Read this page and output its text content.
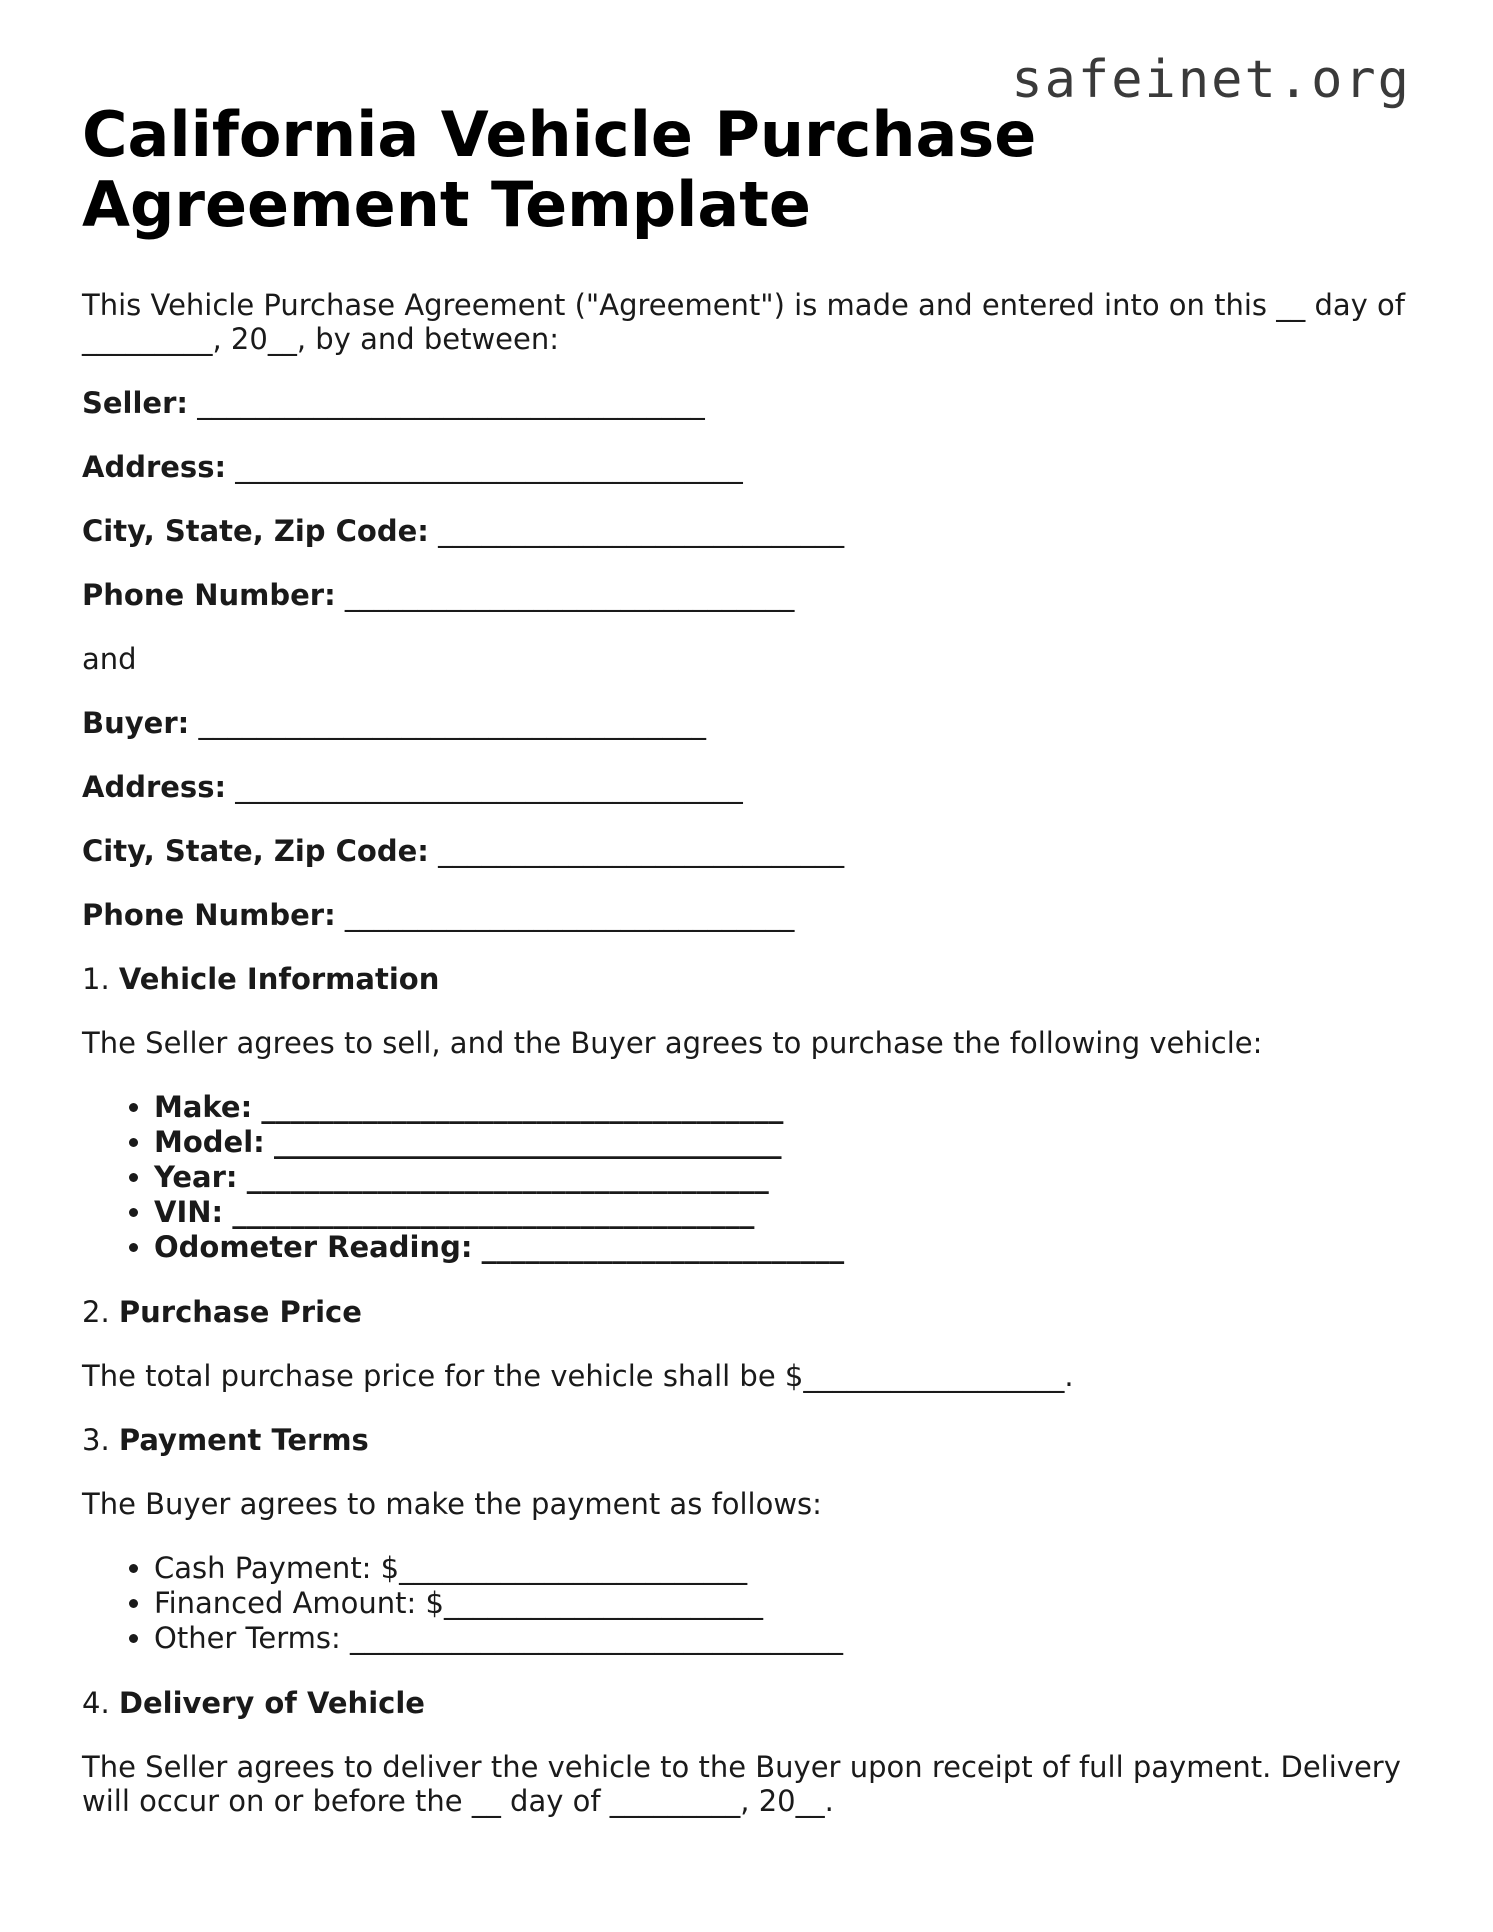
safeinet.org
California Vehicle Purchase Agreement Template

This Vehicle Purchase Agreement ("Agreement") is made and entered into on this __ day of _________, 20__, by and between:

Seller: ___________________________________

Address: ___________________________________

City, State, Zip Code: ____________________________

Phone Number: _______________________________

and

Buyer: ___________________________________

Address: ___________________________________

City, State, Zip Code: ____________________________

Phone Number: _______________________________

1. Vehicle Information

The Seller agrees to sell, and the Buyer agrees to purchase the following vehicle:

• Make: ____________________________________
• Model: ___________________________________
• Year: ____________________________________
• VIN: ____________________________________
• Odometer Reading: _________________________

2. Purchase Price

The total purchase price for the vehicle shall be $__________________.

3. Payment Terms

The Buyer agrees to make the payment as follows:

• Cash Payment: $________________________
• Financed Amount: $______________________
• Other Terms: __________________________________

4. Delivery of Vehicle

The Seller agrees to deliver the vehicle to the Buyer upon receipt of full payment. Delivery will occur on or before the __ day of _________, 20__.
